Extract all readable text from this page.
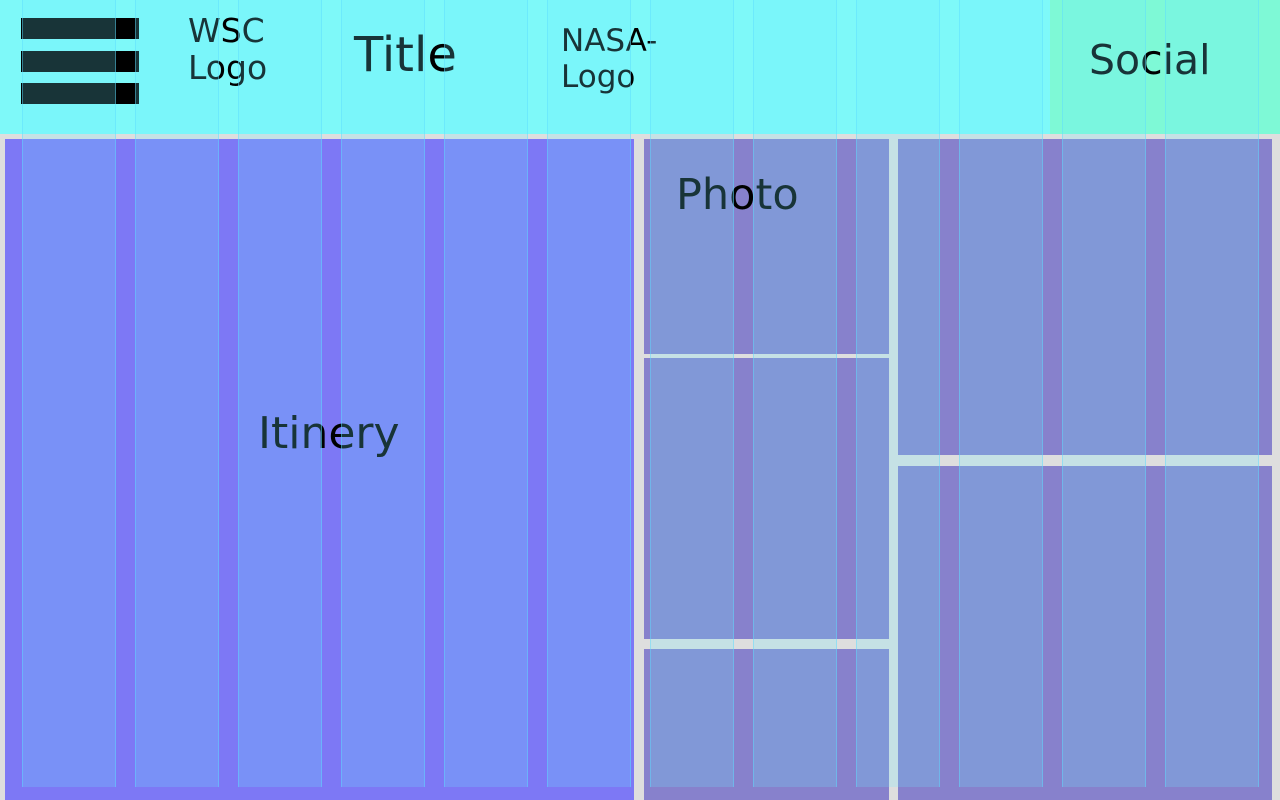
WSC
Logo	Title	NASA-
Logo	Social
Itinery
Photo
